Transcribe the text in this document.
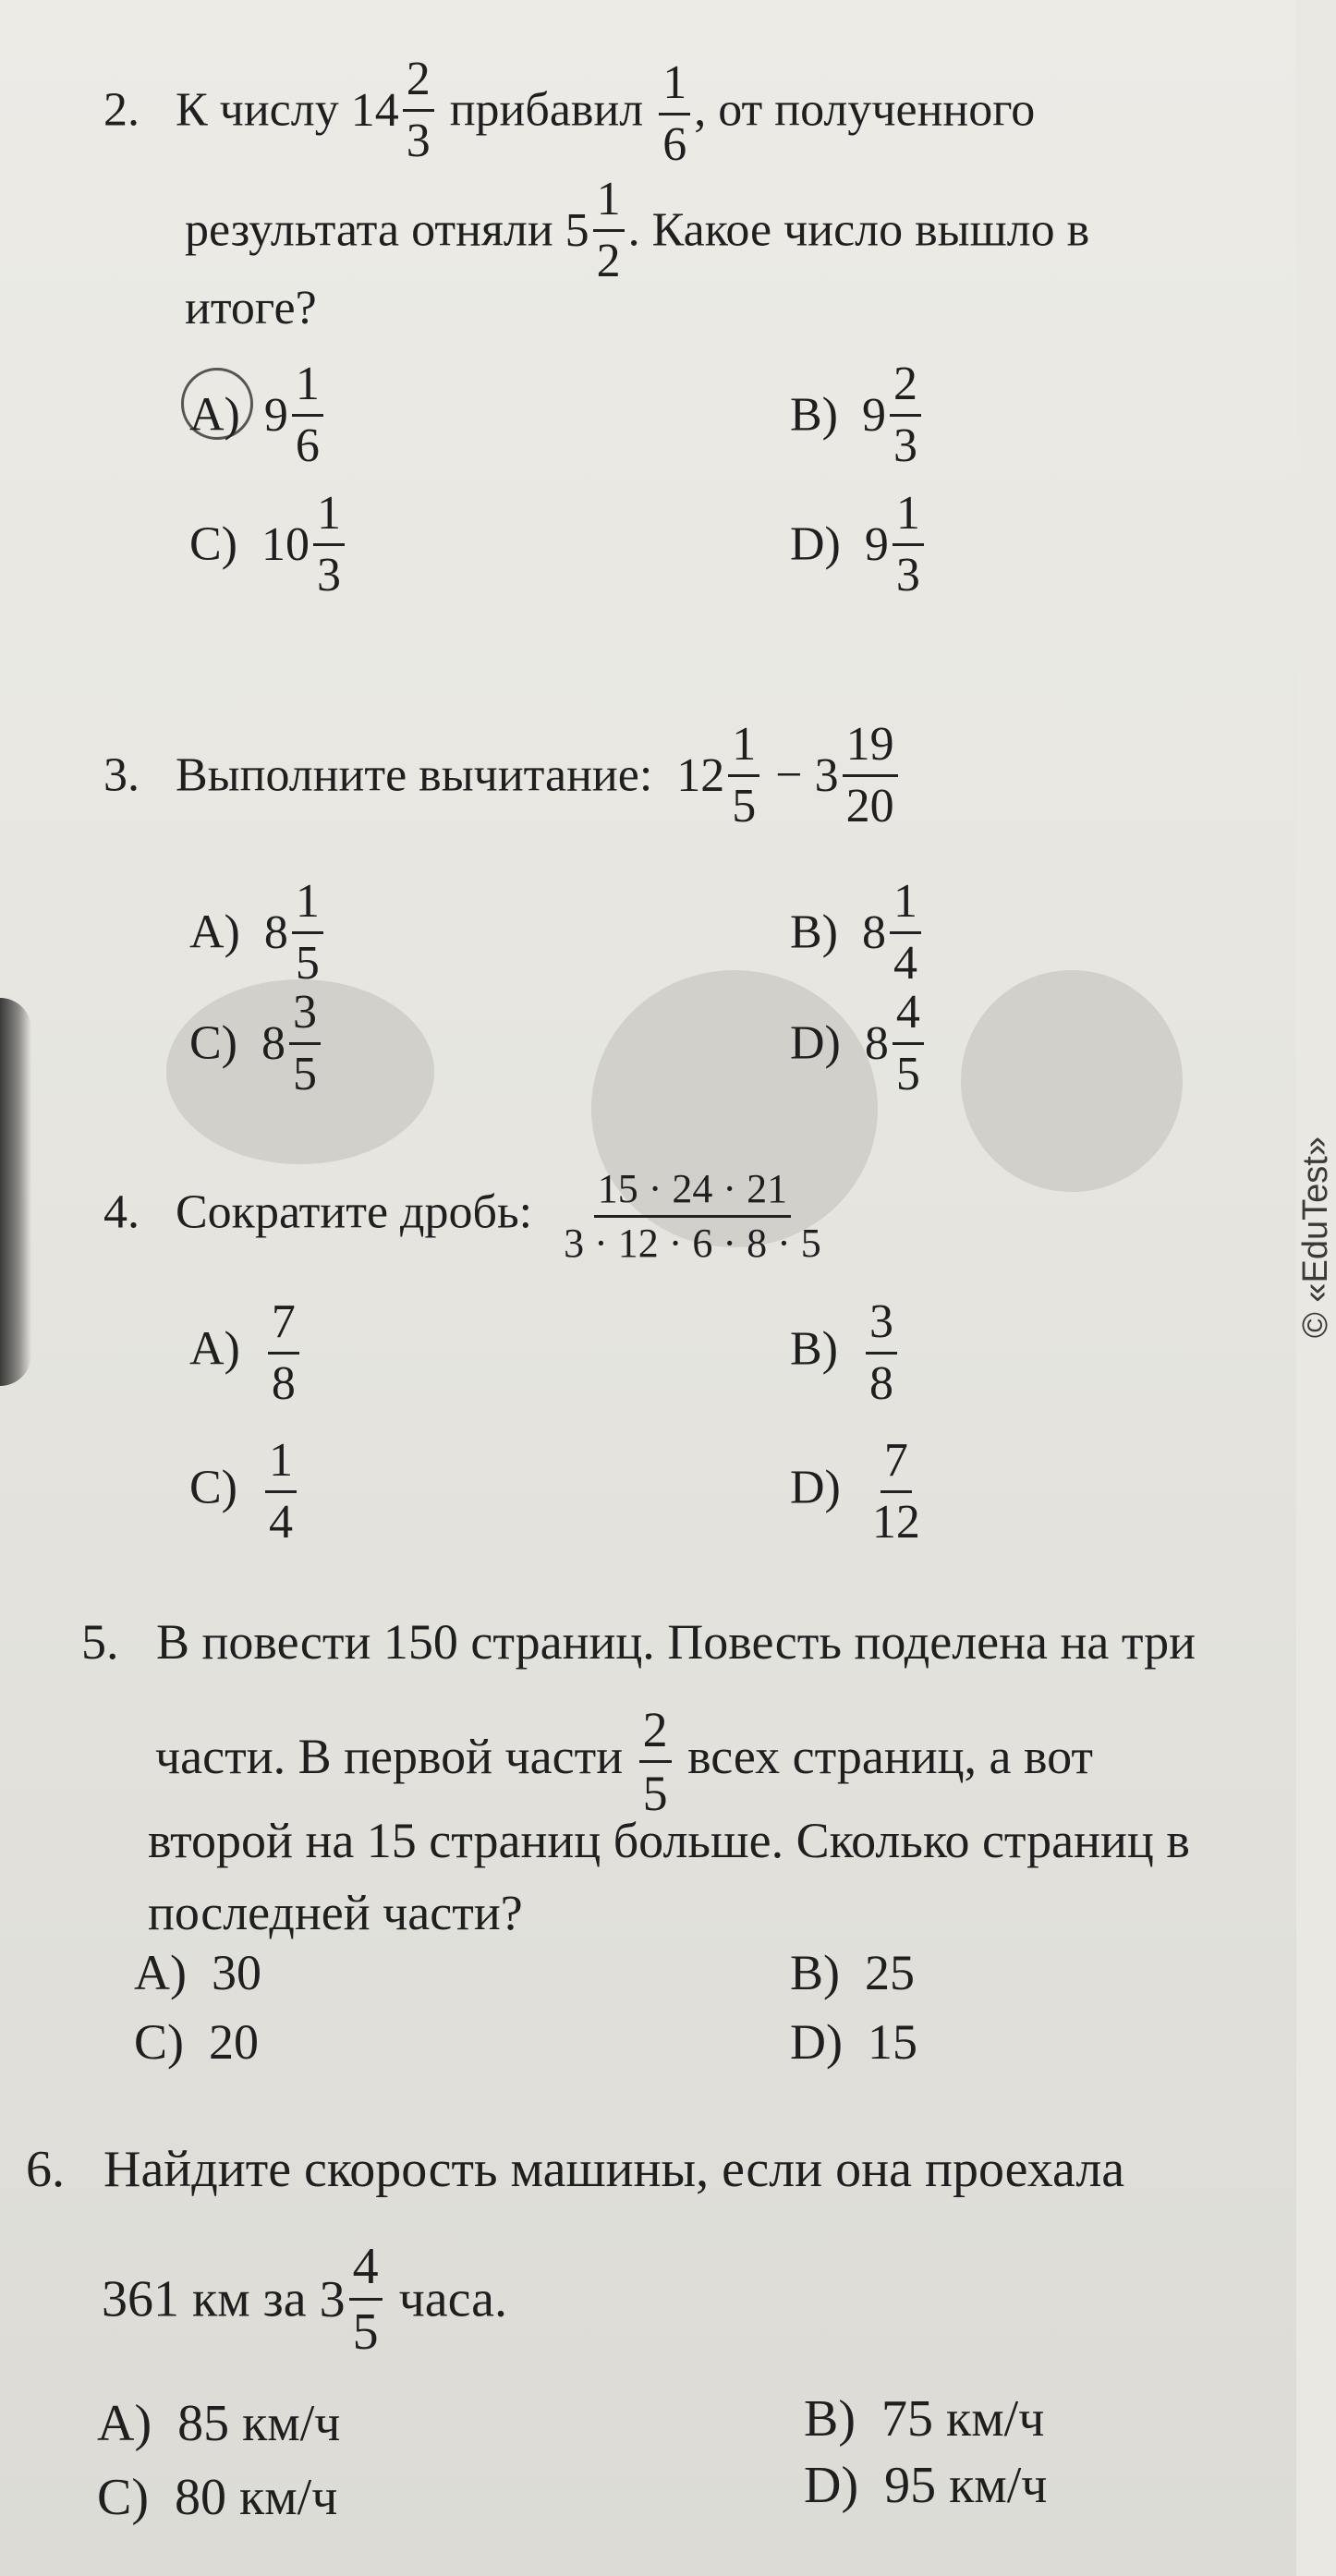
© «EduTest»
2. К числу $14 \frac{2}{3}$ прибавил $\frac{1}{6}$ , от полученного
результата отняли $5 \frac{1}{2}$ . Какое число вышло в
итоге?
A) $9 \frac{1}{6}$	B) $9 \frac{2}{3}$
C) $10 \frac{1}{3}$	D) $9 \frac{1}{3}$
3. Выполните вычитание: $12 \frac{1}{5} - 3 \frac{19}{20}$
A) $8 \frac{1}{5}$	B) $8 \frac{1}{4}$
C) $8 \frac{3}{5}$	D) $8 \frac{4}{5}$
4. Сократите дробь: $\frac{15 \cdot 24 \cdot 21}{3 \cdot 12 \cdot 6 \cdot 8 \cdot 5}$
$A) \frac{7}{8}$	$B) \frac{3}{8}$
$C) \frac{1}{4}$	$D) \frac{7}{12}$
5. В повести 150 страниц. Повесть поделена на три
части. В первой части $\frac{2}{5}$ всех страниц, а вот
второй на 15 страниц больше. Сколько страниц в
последней части?
A) 30	B) 25
C) 20	D) 15
6. Найдите скорость машины, если она проехала
361 км за $3 \frac{4}{5}$ часа.
A) 85 км/ч	B) 75 км/ч
C) 80 км/ч	D) 95 км/ч
